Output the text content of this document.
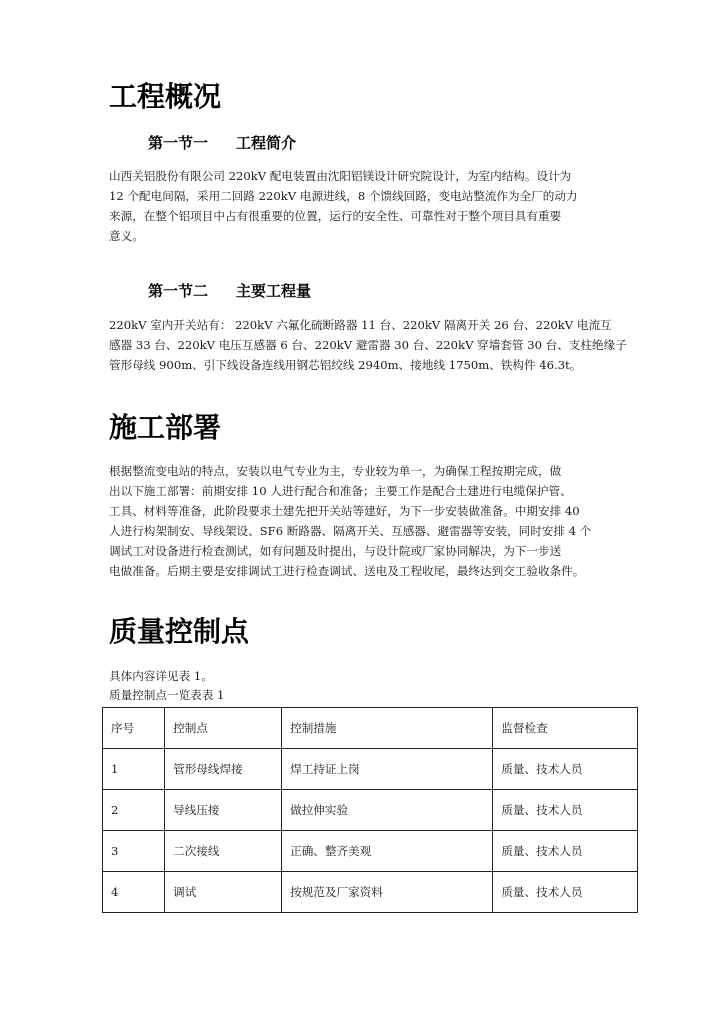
工程概况
第一节一 工程简介

山西关铝股份有限公司 220kV 配电装置由沈阳铝镁设计研究院设计，为室内结构。设计为
12 个配电间隔，采用二回路 220kV 电源进线，8 个馈线回路，变电站整流作为全厂的动力
来源，在整个铝项目中占有很重要的位置，运行的安全性、可靠性对于整个项目具有重要
意义。

第一节二 主要工程量

220kV 室内开关站有： 220kV 六氟化硫断路器 11 台、220kV 隔离开关 26 台、220kV 电流互
感器 33 台、220kV 电压互感器 6 台、220kV 避雷器 30 台、220kV 穿墙套管 30 台、支柱绝缘子
管形母线 900m、引下线设备连线用钢芯铝绞线 2940m、接地线 1750m、铁构件 46.3t。

施工部署

根据整流变电站的特点，安装以电气专业为主，专业较为单一，为确保工程按期完成，做
出以下施工部署：前期安排 10 人进行配合和准备；主要工作是配合土建进行电缆保护管、
工具、材料等准备，此阶段要求土建先把开关站等建好，为下一步安装做准备。中期安排 40
人进行构架制安、导线架设、SF6 断路器、隔离开关、互感器、避雷器等安装，同时安排 4 个
调试工对设备进行检查测试，如有问题及时提出，与设计院或厂家协同解决，为下一步送
电做准备。后期主要是安排调试工进行检查调试、送电及工程收尾，最终达到交工验收条件。

质量控制点

具体内容详见表 1。

质量控制点一览表表 1

序号	控制点	控制措施	监督检查
1	管形母线焊接	焊工持证上岗	质量、技术人员
2	导线压接	做拉伸实验	质量、技术人员
3	二次接线	正确、整齐美观	质量、技术人员
4	调试	按规范及厂家资料	质量、技术人员
